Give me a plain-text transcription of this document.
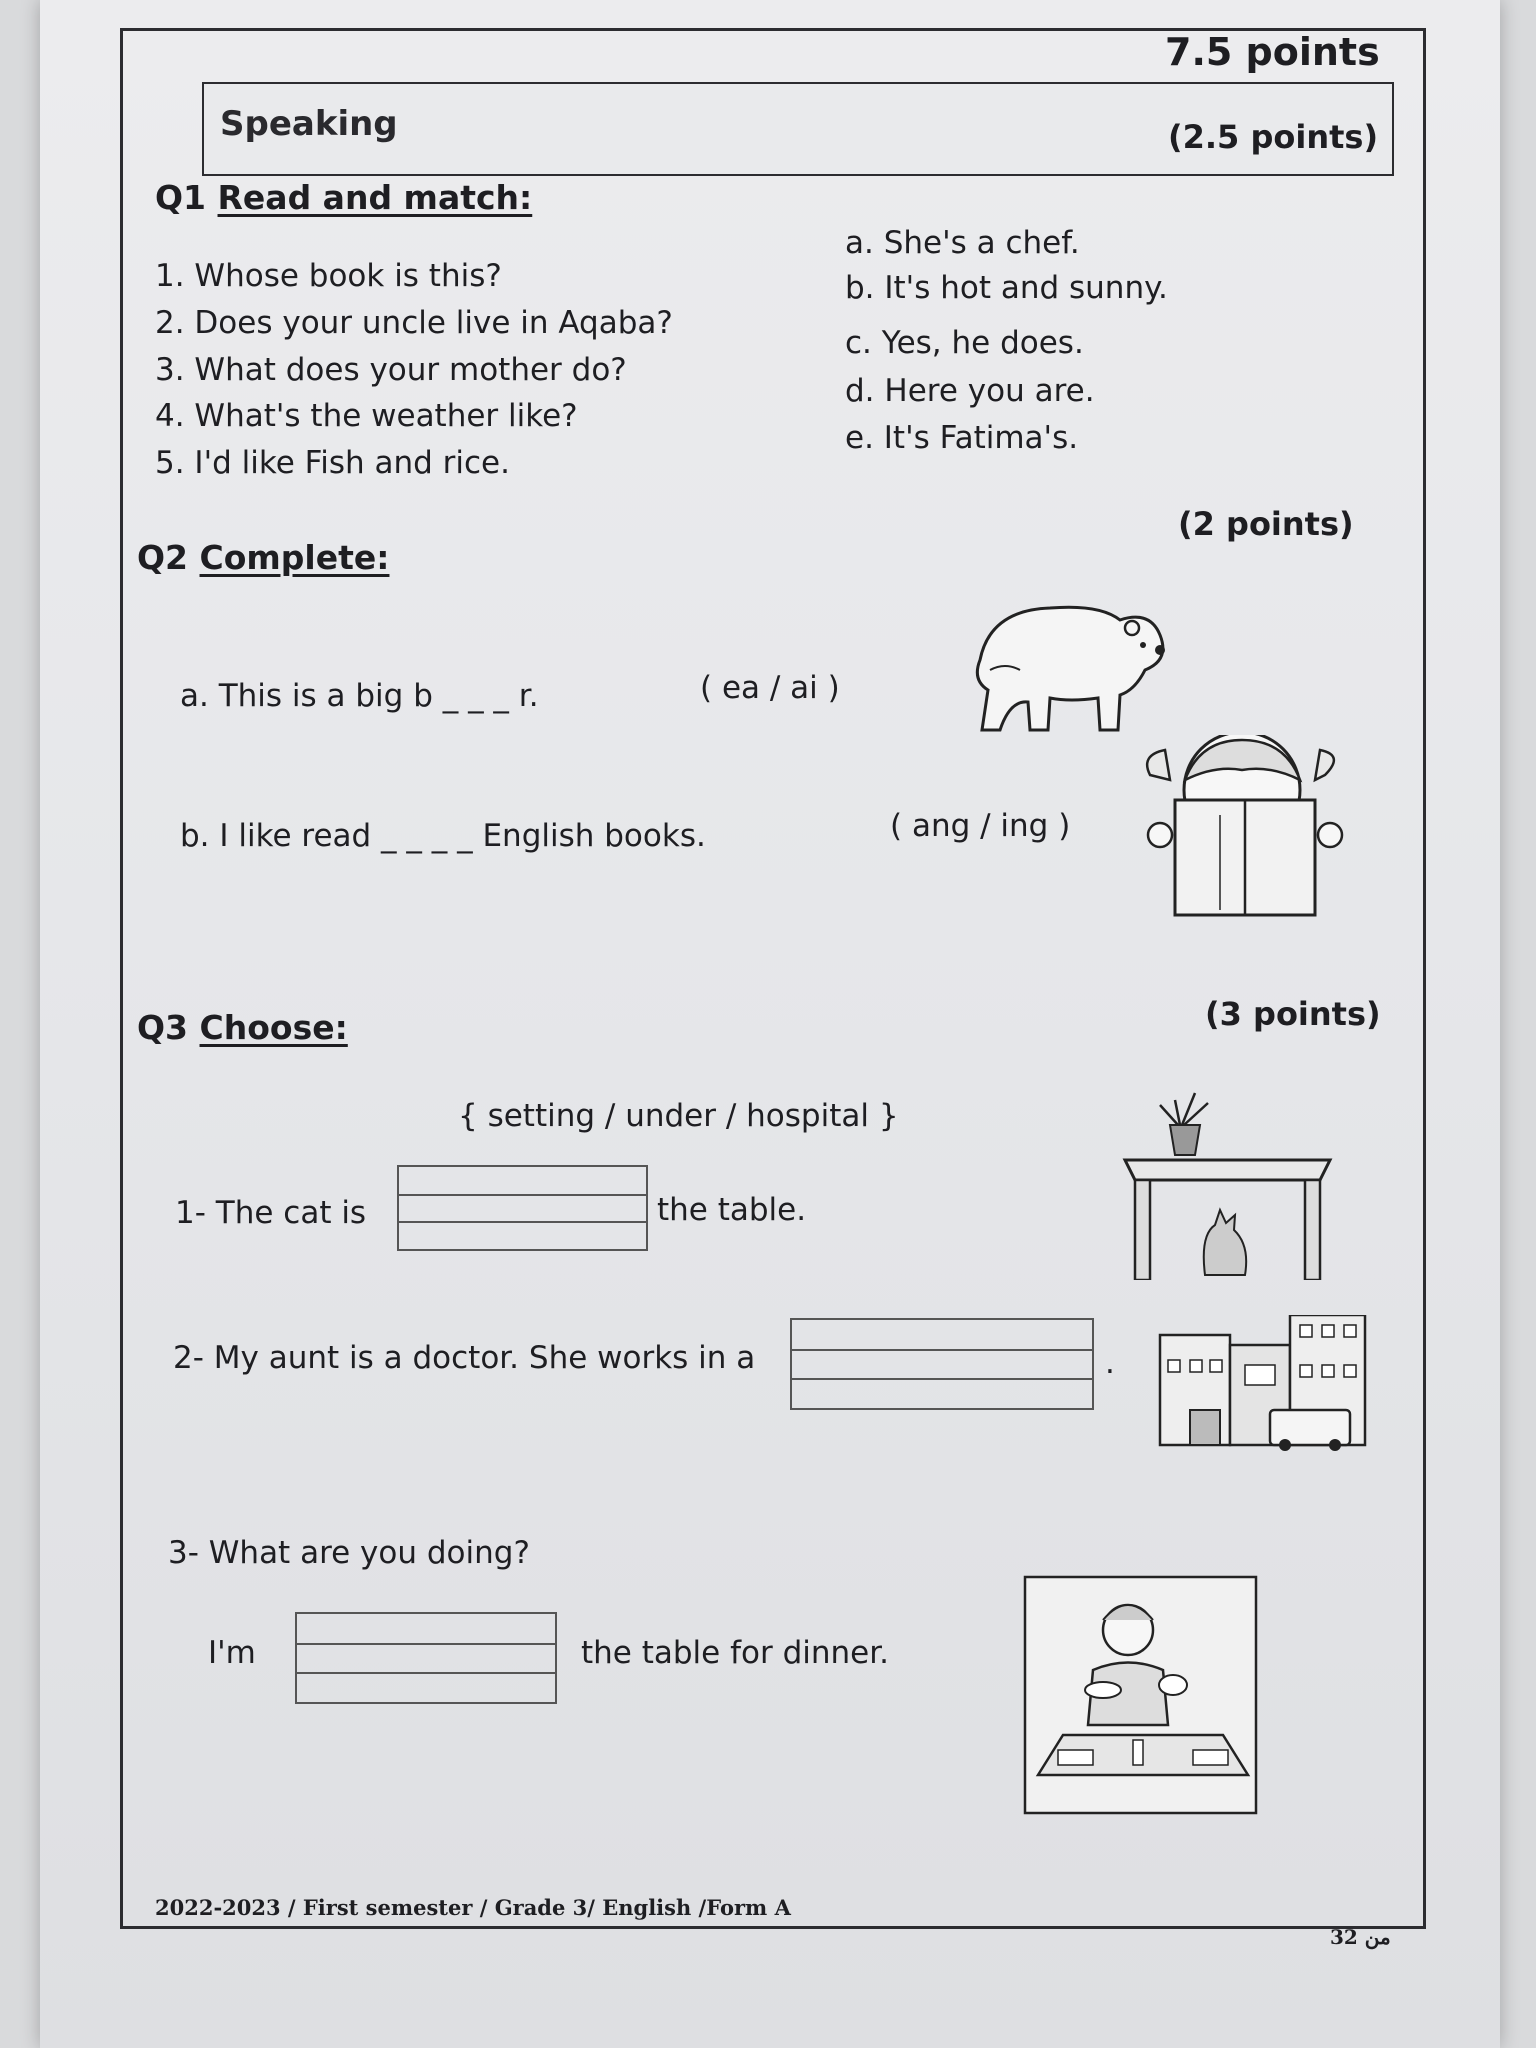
7.5 points
Speaking	(2.5 points)
Q1 Read and match:
1. Whose book is this?
2. Does your uncle live in Aqaba?
3. What does your mother do?
4. What's the weather like?
5. I'd like Fish and rice.
a. She's a chef.
b. It's hot and sunny.
c. Yes, he does.
d. Here you are.
e. It's Fatima's.
(2 points)
Q2 Complete:
a. This is a big b _ _ _ r.	( ea / ai )
b. I like read _ _ _ _ English books.	( ang / ing )
Q3 Choose:	(3 points)
{ setting / under / hospital }
1- The cat is	the table.
2- My aunt is a doctor. She works in a	.
3- What are you doing?
I'm	the table for dinner.
2022-2023 / First semester / Grade 3/ English /Form A
3من 2
